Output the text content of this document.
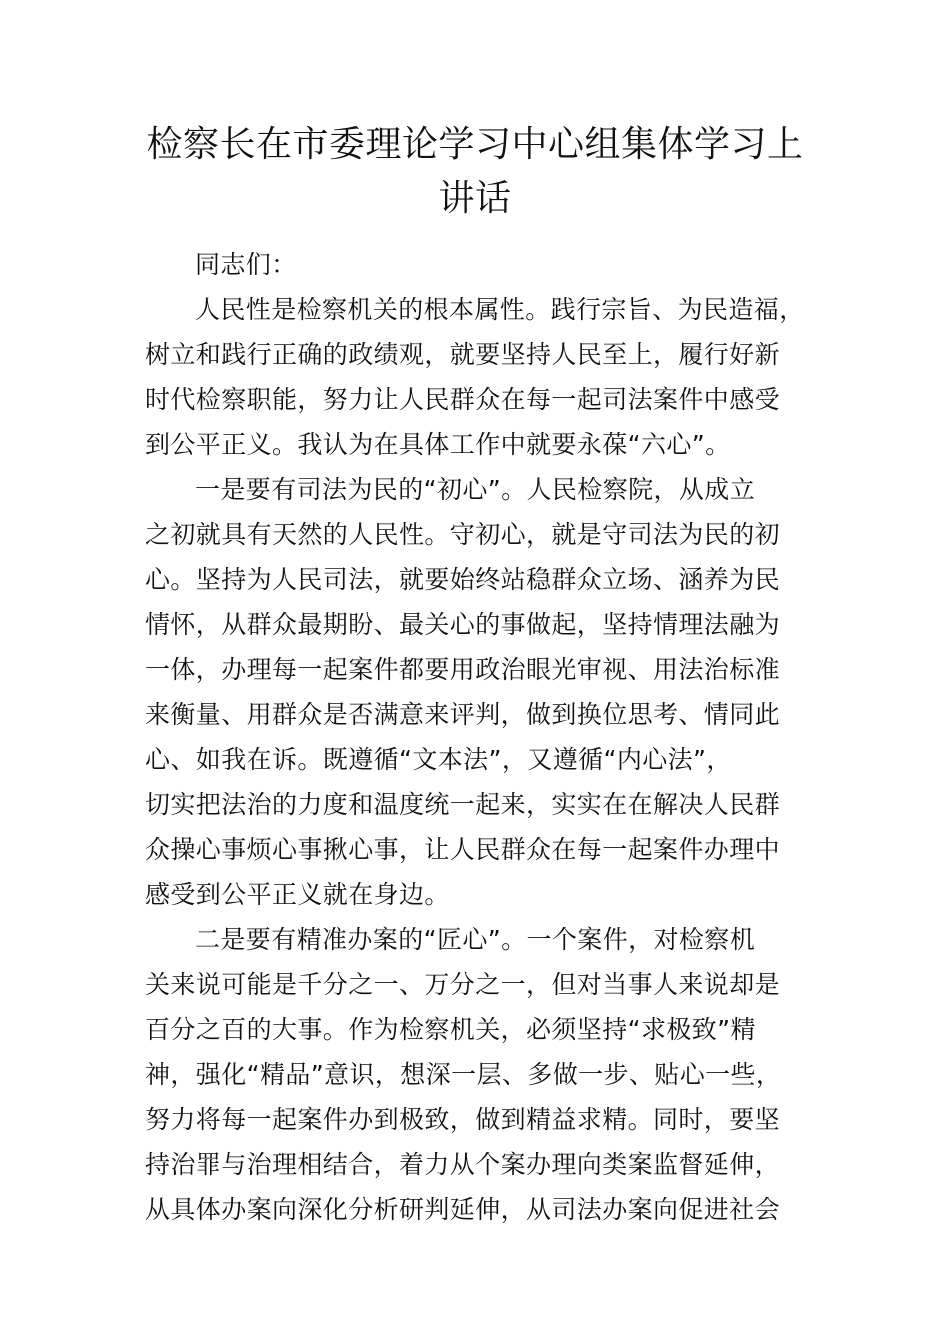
检察长在市委理论学习中心组集体学习上
讲话
同志们：
人民性是检察机关的根本属性。践行宗旨、为民造福，
树立和践行正确的政绩观，就要坚持人民至上，履行好新
时代检察职能，努力让人民群众在每一起司法案件中感受
到公平正义。我认为在具体工作中就要永葆“六心”。
一是要有司法为民的“初心”。人民检察院，从成立
之初就具有天然的人民性。守初心，就是守司法为民的初
心。坚持为人民司法，就要始终站稳群众立场、涵养为民
情怀，从群众最期盼、最关心的事做起，坚持情理法融为
一体，办理每一起案件都要用政治眼光审视、用法治标准
来衡量、用群众是否满意来评判，做到换位思考、情同此
心、如我在诉。既遵循“文本法”，又遵循“内心法”，
切实把法治的力度和温度统一起来，实实在在解决人民群
众操心事烦心事揪心事，让人民群众在每一起案件办理中
感受到公平正义就在身边。
二是要有精准办案的“匠心”。一个案件，对检察机
关来说可能是千分之一、万分之一，但对当事人来说却是
百分之百的大事。作为检察机关，必须坚持“求极致”精
神，强化“精品”意识，想深一层、多做一步、贴心一些，
努力将每一起案件办到极致，做到精益求精。同时，要坚
持治罪与治理相结合，着力从个案办理向类案监督延伸，
从具体办案向深化分析研判延伸，从司法办案向促进社会
